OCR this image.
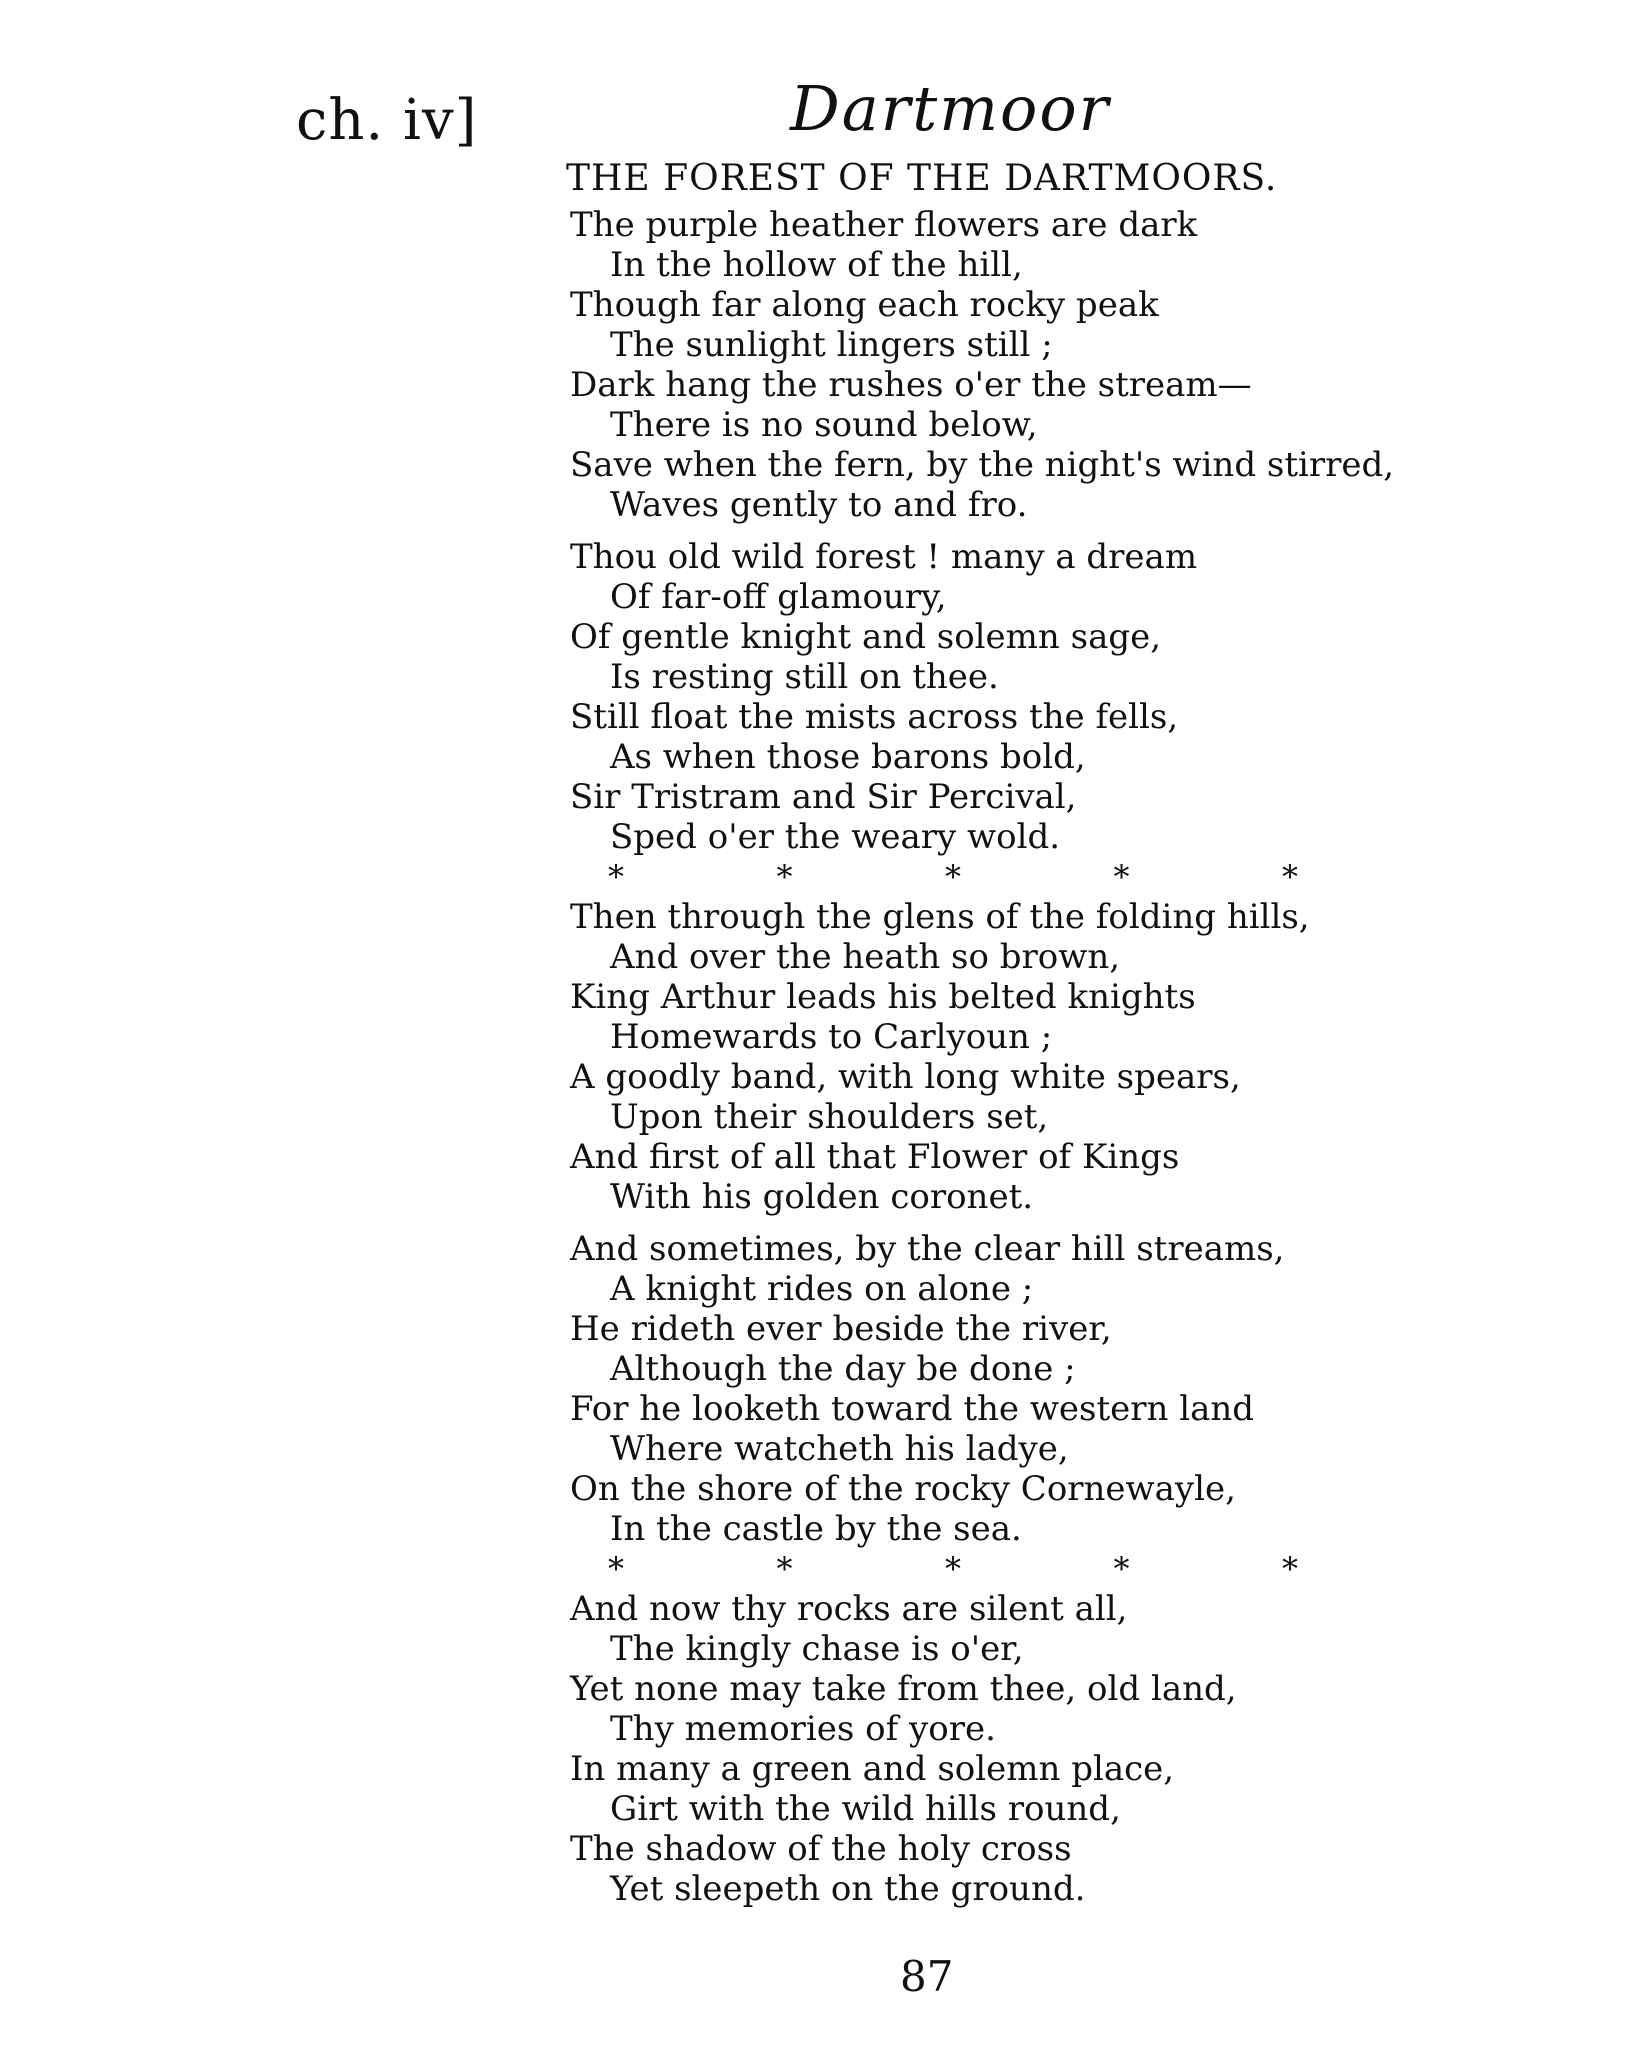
ch. iv]	Dartmoor
THE FOREST OF THE DARTMOORS.
The purple heather flowers are dark
In the hollow of the hill,
Though far along each rocky peak
The sunlight lingers still ;
Dark hang the rushes o'er the stream—
There is no sound below,
Save when the fern, by the night's wind stirred,
Waves gently to and fro.
Thou old wild forest ! many a dream
Of far-off glamoury,
Of gentle knight and solemn sage,
Is resting still on thee.
Still float the mists across the fells,
As when those barons bold,
Sir Tristram and Sir Percival,
Sped o'er the weary wold.
*	*	*	*	*
Then through the glens of the folding hills,
And over the heath so brown,
King Arthur leads his belted knights
Homewards to Carlyoun ;
A goodly band, with long white spears,
Upon their shoulders set,
And first of all that Flower of Kings
With his golden coronet.
And sometimes, by the clear hill streams,
A knight rides on alone ;
He rideth ever beside the river,
Although the day be done ;
For he looketh toward the western land
Where watcheth his ladye,
On the shore of the rocky Cornewayle,
In the castle by the sea.
*	*	*	*	*
And now thy rocks are silent all,
The kingly chase is o'er,
Yet none may take from thee, old land,
Thy memories of yore.
In many a green and solemn place,
Girt with the wild hills round,
The shadow of the holy cross
Yet sleepeth on the ground.
87
